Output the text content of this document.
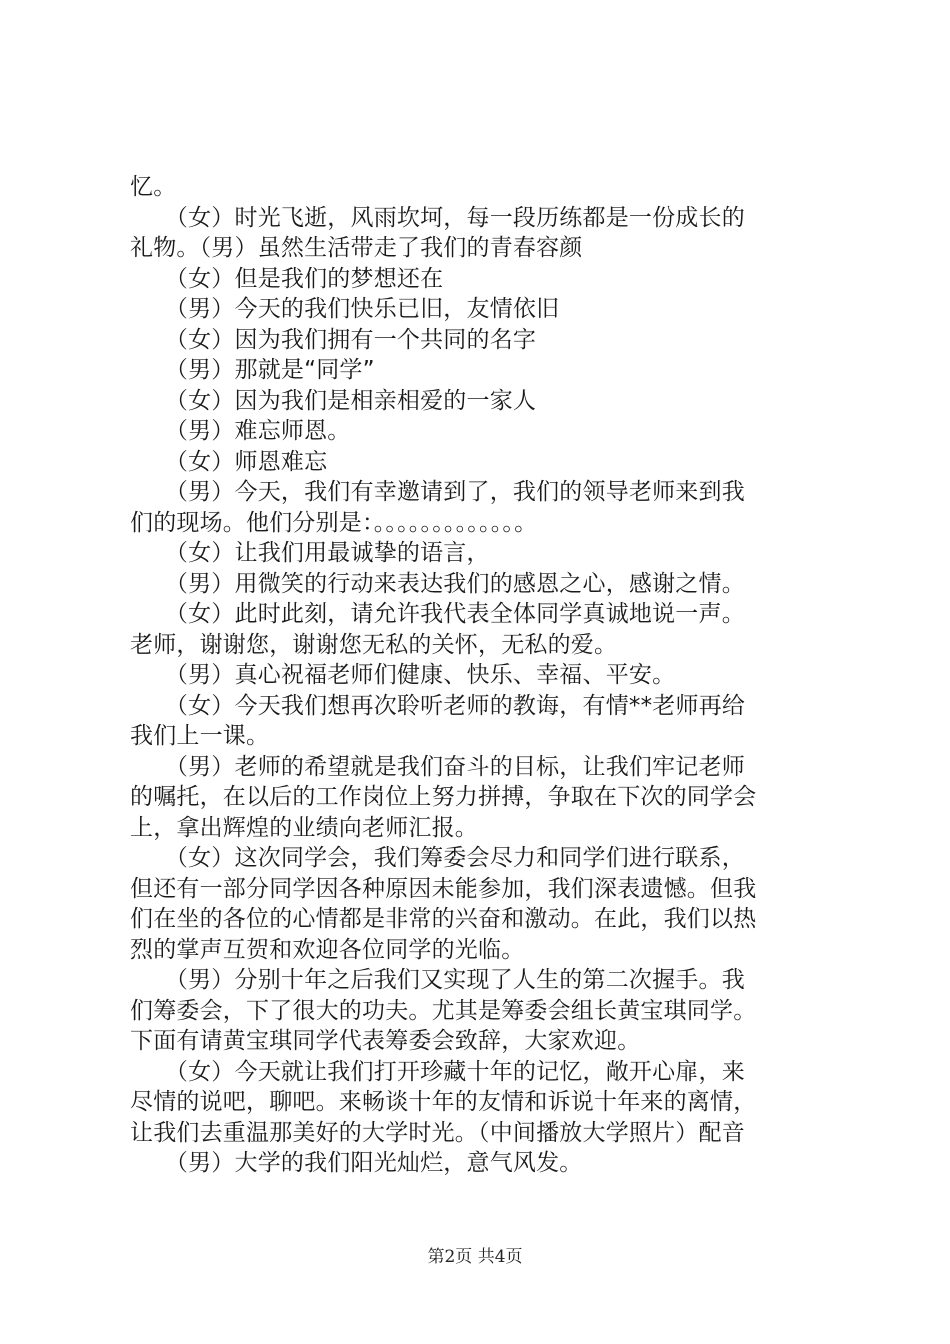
忆。
　　（女）时光飞逝，风雨坎坷，每一段历练都是一份成长的
礼物。（男）虽然生活带走了我们的青春容颜
　　（女）但是我们的梦想还在
　　（男）今天的我们快乐已旧，友情依旧
　　（女）因为我们拥有一个共同的名字
　　（男）那就是“同学”
　　（女）因为我们是相亲相爱的一家人
　　（男）难忘师恩。
　　（女）师恩难忘
　　（男）今天，我们有幸邀请到了，我们的领导老师来到我
们的现场。他们分别是：。。。。。。。。。。。。。
　　（女）让我们用最诚挚的语言，
　　（男）用微笑的行动来表达我们的感恩之心，感谢之情。
　　（女）此时此刻，请允许我代表全体同学真诚地说一声。
老师，谢谢您，谢谢您无私的关怀，无私的爱。
　　（男）真心祝福老师们健康、快乐、幸福、平安。
　　（女）今天我们想再次聆听老师的教诲，有情**老师再给
我们上一课。
　　（男）老师的希望就是我们奋斗的目标，让我们牢记老师
的嘱托，在以后的工作岗位上努力拼搏，争取在下次的同学会
上，拿出辉煌的业绩向老师汇报。
　　（女）这次同学会，我们筹委会尽力和同学们进行联系，
但还有一部分同学因各种原因未能参加，我们深表遗憾。但我
们在坐的各位的心情都是非常的兴奋和激动。在此，我们以热
烈的掌声互贺和欢迎各位同学的光临。
　　（男）分别十年之后我们又实现了人生的第二次握手。我
们筹委会，下了很大的功夫。尤其是筹委会组长黄宝琪同学。
下面有请黄宝琪同学代表筹委会致辞，大家欢迎。
　　（女）今天就让我们打开珍藏十年的记忆，敞开心扉，来
尽情的说吧，聊吧。来畅谈十年的友情和诉说十年来的离情，
让我们去重温那美好的大学时光。（中间播放大学照片）配音
　　（男）大学的我们阳光灿烂，意气风发。
第2页 共4页
